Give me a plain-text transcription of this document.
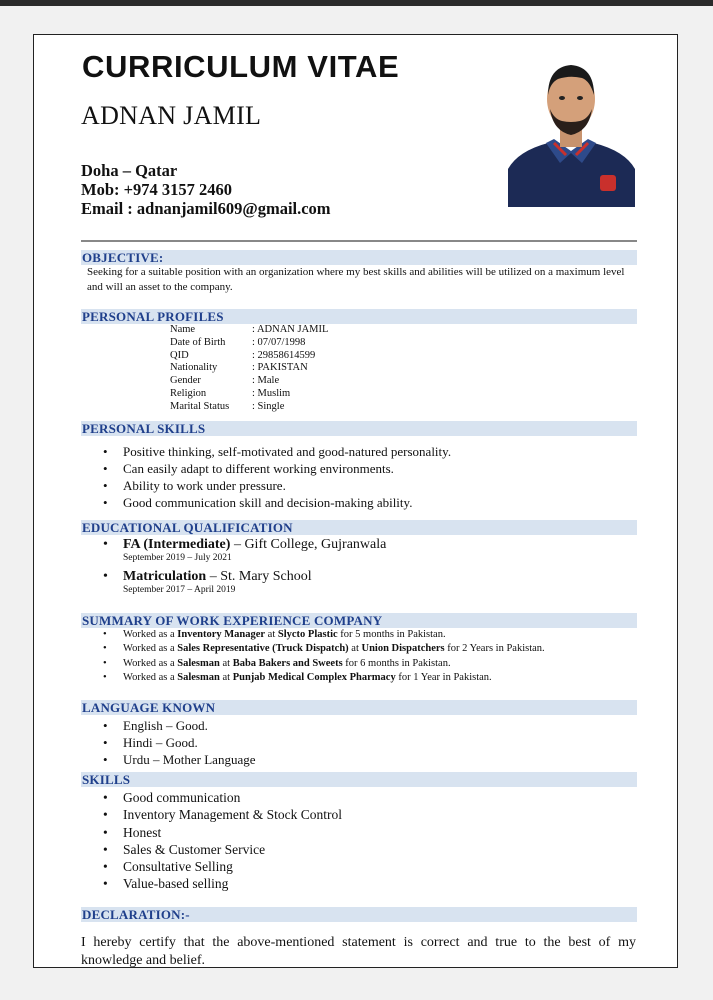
CURRICULUM VITAE
ADNAN JAMIL
Doha – Qatar
Mob: +974 3157 2460
Email : adnanjamil609@gmail.com
OBJECTIVE:
Seeking for a suitable position with an organization where my best skills and abilities will be utilized on a maximum level and will an asset to the company.
PERSONAL PROFILES
Name	: ADNAN JAMIL
Date of Birth	: 07/07/1998
QID	: 29858614599
Nationality	: PAKISTAN
Gender	: Male
Religion	: Muslim
Marital Status : Single
PERSONAL SKILLS
• Positive thinking, self-motivated and good-natured personality.
• Can easily adapt to different working environments.
• Ability to work under pressure.
• Good communication skill and decision-making ability.
EDUCATIONAL QUALIFICATION
• FA (Intermediate) – Gift College, Gujranwala
September 2019 – July 2021
• Matriculation – St. Mary School
September 2017 – April 2019
SUMMARY OF WORK EXPERIENCE COMPANY
• Worked as a Inventory Manager at Slycto Plastic for 5 months in Pakistan.
• Worked as a Sales Representative (Truck Dispatch) at Union Dispatchers for 2 Years in Pakistan.
• Worked as a Salesman at Baba Bakers and Sweets for 6 months in Pakistan.
• Worked as a Salesman at Punjab Medical Complex Pharmacy for 1 Year in Pakistan.
LANGUAGE KNOWN
• English – Good.
• Hindi – Good.
• Urdu – Mother Language
SKILLS
• Good communication
• Inventory Management & Stock Control
• Honest
• Sales & Customer Service
• Consultative Selling
• Value-based selling
DECLARATION:-
I hereby certify that the above-mentioned statement is correct and true to the best of my knowledge and belief.
